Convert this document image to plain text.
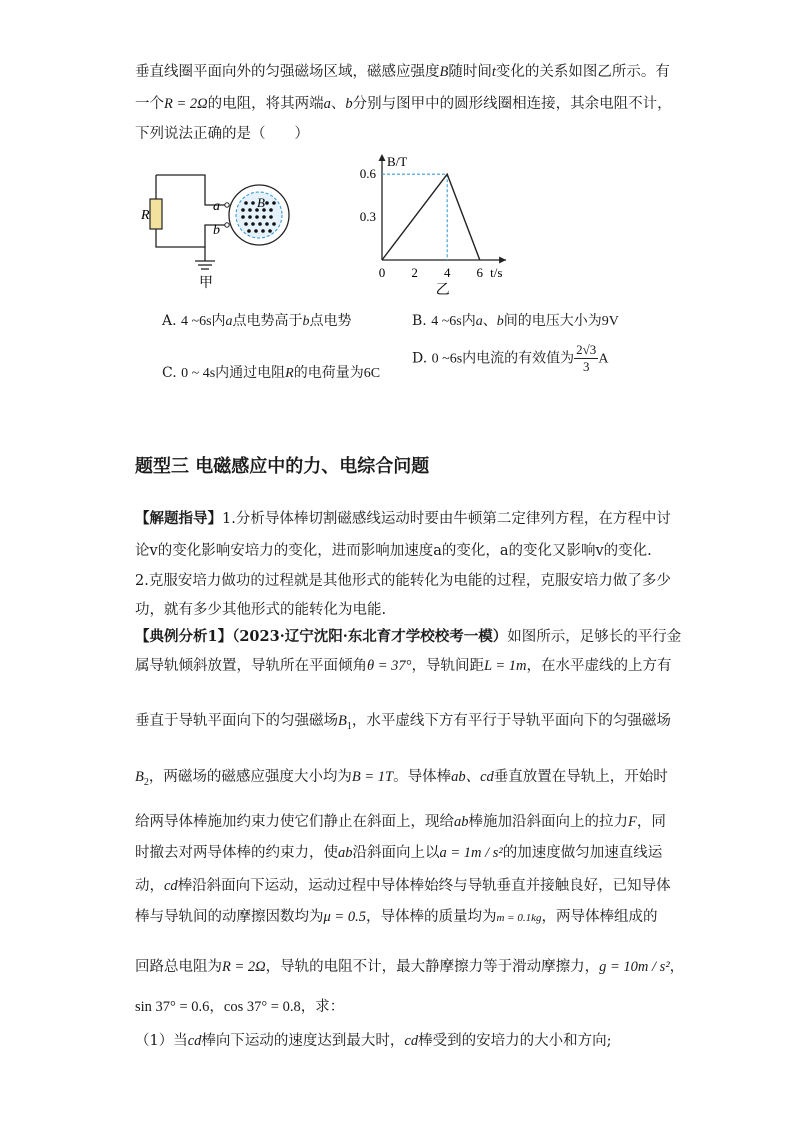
垂直线圈平面向外的匀强磁场区域，磁感应强度B随时间t变化的关系如图乙所示。有
一个R = 2Ω的电阻，将其两端a、b分别与图甲中的圆形线圈相连接，其余电阻不计，
下列说法正确的是（　　）
R
a
b
B
甲
0.3
0.6
0 2 4 6
B/T
t/s
乙
A. 4 ~6s内a点电势高于b点电势	B. 4 ~6s内a、b间的电压大小为9V
C. 0 ~ 4s内通过电阻R的电荷量为6C
D. 0 ~6s内电流的有效值为 $\frac{2√3}{3}$ A
题型三 电磁感应中的力、电综合问题
【解题指导】1.分析导体棒切割磁感线运动时要由牛顿第二定律列方程，在方程中讨
论v的变化影响安培力的变化，进而影响加速度a的变化，a的变化又影响v的变化.
2.克服安培力做功的过程就是其他形式的能转化为电能的过程，克服安培力做了多少
功，就有多少其他形式的能转化为电能.
【典例分析1】（2023·辽宁沈阳·东北育才学校校考一模）如图所示，足够长的平行金
属导轨倾斜放置，导轨所在平面倾角θ = 37°，导轨间距L = 1m，在水平虚线的上方有
垂直于导轨平面向下的匀强磁场$B_1$，水平虚线下方有平行于导轨平面向下的匀强磁场
$B_2$，两磁场的磁感应强度大小均为B = 1T。导体棒ab、cd垂直放置在导轨上，开始时
给两导体棒施加约束力使它们静止在斜面上，现给ab棒施加沿斜面向上的拉力F，同
时撤去对两导体棒的约束力，使ab沿斜面向上以a = 1m / s²的加速度做匀加速直线运
动，cd棒沿斜面向下运动，运动过程中导体棒始终与导轨垂直并接触良好，已知导体
棒与导轨间的动摩擦因数均为μ = 0.5，导体棒的质量均为m = 0.1kg，两导体棒组成的
回路总电阻为R = 2Ω，导轨的电阻不计，最大静摩擦力等于滑动摩擦力，g = 10m / s²，
sin 37° = 0.6，cos 37° = 0.8，求：
（1）当cd棒向下运动的速度达到最大时，cd棒受到的安培力的大小和方向;
